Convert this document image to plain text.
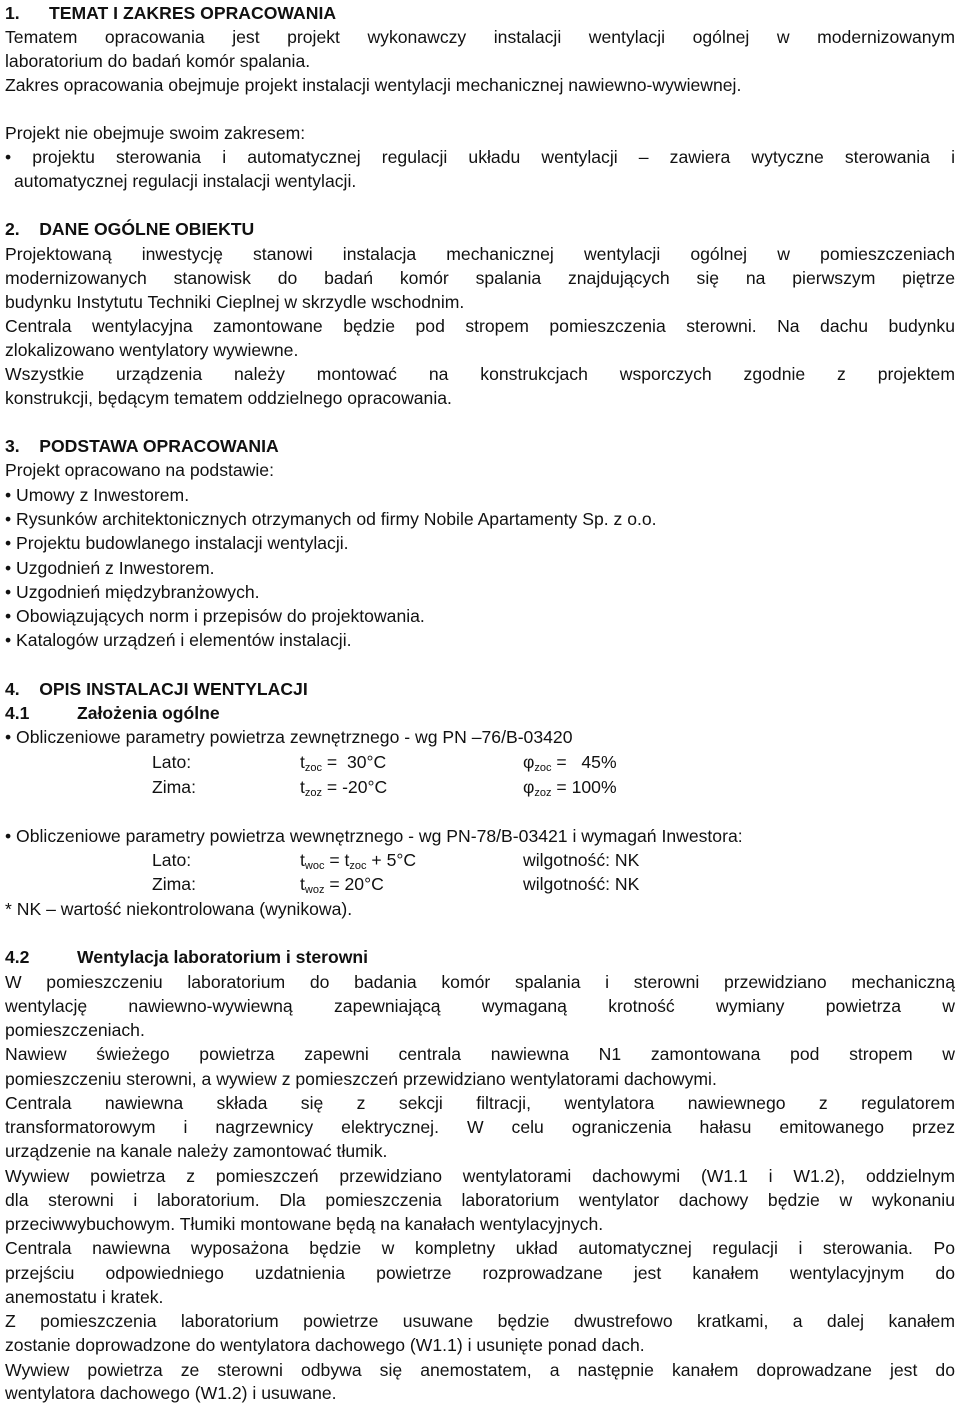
1.      TEMAT I ZAKRES OPRACOWANIA
Tematem opracowania jest projekt wykonawczy instalacji wentylacji ogólnej w modernizowanym
laboratorium do badań komór spalania.
Zakres opracowania obejmuje projekt instalacji wentylacji mechanicznej nawiewno-wywiewnej.
Projekt nie obejmuje swoim zakresem:
• projektu sterowania i automatycznej regulacji układu wentylacji – zawiera wytyczne sterowania i
automatycznej regulacji instalacji wentylacji.
2.    DANE OGÓLNE OBIEKTU
Projektowaną inwestycję stanowi instalacja mechanicznej wentylacji ogólnej w pomieszczeniach
modernizowanych stanowisk do badań komór spalania znajdujących się na pierwszym piętrze
budynku Instytutu Techniki Cieplnej w skrzydle wschodnim.
Centrala wentylacyjna zamontowane będzie pod stropem pomieszczenia sterowni. Na dachu budynku
zlokalizowano wentylatory wywiewne.
Wszystkie urządzenia należy montować na konstrukcjach wsporczych zgodnie z projektem
konstrukcji, będącym tematem oddzielnego opracowania.
3.    PODSTAWA OPRACOWANIA
Projekt opracowano na podstawie:
• Umowy z Inwestorem.
• Rysunków architektonicznych otrzymanych od firmy Nobile Apartamenty Sp. z o.o.
• Projektu budowlanego instalacji wentylacji.
• Uzgodnień z Inwestorem.
• Uzgodnień międzybranżowych.
• Obowiązujących norm i przepisów do projektowania.
• Katalogów urządzeń i elementów instalacji.
4.    OPIS INSTALACJI WENTYLACJI
4.1	Założenia ogólne
• Obliczeniowe parametry powietrza zewnętrznego - wg PN –76/B-03420
Lato:	$t_{zoc} = 30^\circ C$	$\varphi_{zoc} = 45\%$
Zima:	$t_{zoz} = -20^\circ C$	$\varphi_{zoz} = 100\%$
• Obliczeniowe parametry powietrza wewnętrznego - wg PN-78/B-03421 i wymagań Inwestora:
Lato:	$t_{woc} = t_{zoc} + 5^\circ C$	wilgotność: NK
Zima:	$t_{woz} = 20^\circ C$	wilgotność: NK
* NK – wartość niekontrolowana (wynikowa).
4.2	Wentylacja laboratorium i sterowni
W pomieszczeniu laboratorium do badania komór spalania i sterowni przewidziano mechaniczną
wentylację nawiewno-wywiewną zapewniającą wymaganą krotność wymiany powietrza w
pomieszczeniach.
Nawiew świeżego powietrza zapewni centrala nawiewna N1 zamontowana pod stropem w
pomieszczeniu sterowni, a wywiew z pomieszczeń przewidziano wentylatorami dachowymi.
Centrala nawiewna składa się z sekcji filtracji, wentylatora nawiewnego z regulatorem
transformatorowym i nagrzewnicy elektrycznej. W celu ograniczenia hałasu emitowanego przez
urządzenie na kanale należy zamontować tłumik.
Wywiew powietrza z pomieszczeń przewidziano wentylatorami dachowymi (W1.1 i W1.2), oddzielnym
dla sterowni i laboratorium. Dla pomieszczenia laboratorium wentylator dachowy będzie w wykonaniu
przeciwwybuchowym. Tłumiki montowane będą na kanałach wentylacyjnych.
Centrala nawiewna wyposażona będzie w kompletny układ automatycznej regulacji i sterowania. Po
przejściu odpowiedniego uzdatnienia powietrze rozprowadzane jest kanałem wentylacyjnym do
anemostatu i kratek.
Z pomieszczenia laboratorium powietrze usuwane będzie dwustrefowo kratkami, a dalej kanałem
zostanie doprowadzone do wentylatora dachowego (W1.1) i usunięte ponad dach.
Wywiew powietrza ze sterowni odbywa się anemostatem, a następnie kanałem doprowadzane jest do
wentylatora dachowego (W1.2) i usuwane.
